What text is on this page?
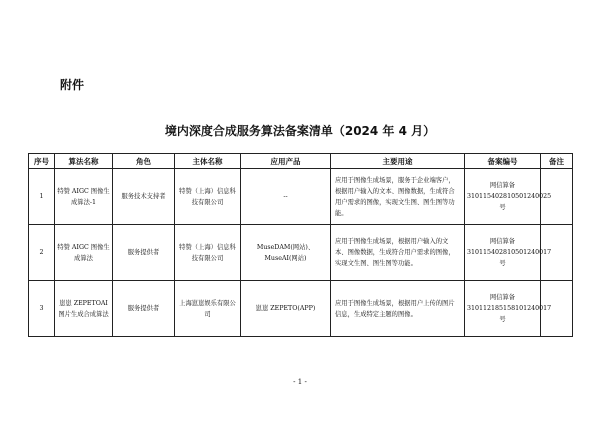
附件
境内深度合成服务算法备案清单（2024 年 4 月）
序号	算法名称	角色	主体名称	应用产品	主要用途	备案编号	备注
1	特赞 AIGC 图像生成算法-1	服务技术支持者	特赞（上海）信息科技有限公司	--	应用于图像生成场景，服务于企业端客户，根据用户输入的文本、图像数据，生成符合用户需求的图像，实现文生图、图生图等功能。	网信算备 310115402810501240025 号	
2	特赞 AIGC 图像生成算法	服务提供者	特赞（上海）信息科技有限公司	MuseDAM(网站)、MuseAI(网站)	应用于图像生成场景，根据用户输入的文本、图像数据，生成符合用户需求的图像，实现文生图、图生图等功能。	网信算备 310115402810501240017 号	
3	崽崽 ZEPETOAI 图片生成合成算法	服务提供者	上海崽崽娱乐有限公司	崽崽 ZEPETO(APP)	应用于图像生成场景，根据用户上传的图片信息，生成特定主题的图像。	网信算备 310112185158101240017 号	
- 1 -
